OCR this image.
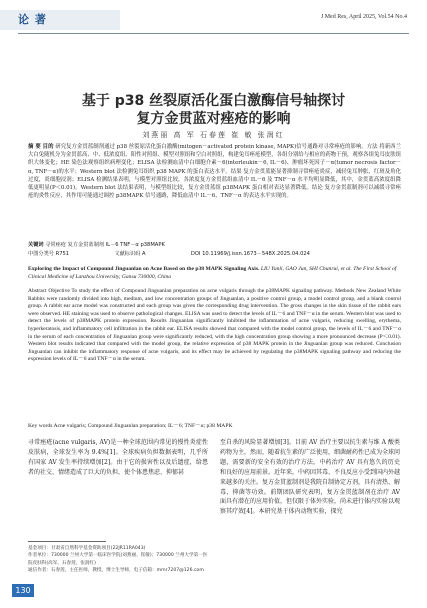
论 著	J Med Res, April 2025, Vol.54 No.4
基于 p38 丝裂原活化蛋白激酶信号轴探讨
复方金贯蓝对痤疮的影响
刘燕丽 高 军 石春莲 崔 敏 张润红
摘 要 目的 研究复方金贯蓝制剂通过 p38 丝裂原活化蛋白激酶(mitogen－activated protein kinase, MAPK)信号通路对寻常痤疮的影响。方法 将新西兰大白兔随机分为金贯蓝高、中、低浓度组、阳性对照组、模型对照组和空白对照组，构建兔耳痤疮模型，各组分别给与相应的药物干预，观察各组兔耳皮肤组织大体变化；HE 染色法观察组织病理变化；ELISA 法检测血清中白细胞介素－6(interleukin－6, IL－6)、肿瘤坏死因子－α(tumor necrosis factor－α, TNF－α)的水平；Western blot 法检测兔耳组织 p38 MAPK 的蛋白表达水平。结果 复方金贯蓝能显著抑制寻常痤疮炎症，减轻兔耳肿胀、红斑及角化过度，炎细胞浸润；ELISA 检测结果表明，与模型对照组比较，各浓度复方金贯蓝组血清中 IL－6 及 TNF－α 水平均明显降低，其中，金贯蓝高浓度组降低更明显(P＜0.01)。Western blot 法结果表明，与模型组比较，复方金贯蓝组 p38MAPK 蛋白相对表达显著降低。结论 复方金贯蓝制剂可以减缓寻常痤疮的炎性反应，其作用可能通过调控 p38MAPK 信号通路，降低血清中 IL－6、TNF－α 的表达水平实现的。
关键词 寻常痤疮 复方金贯蓝制剂 IL－6 TNF－α p38MAPK
中图分类号 R751	文献标识码 A	DOI 10.11969/j.issn.1673－548X.2025.04.024
Exploring the Impact of Compound Jinguanlan on Acne Based on the p38 MAPK Signaling Axis. LIU Yanli, GAO Jun, SHI Chunrui, et al. The First School of Clinical Medicine of Lanzhou University, Gansu 730000, China
Abstract Objective To study the effect of Compound Jinguanlan preparation on acne vulgaris through the p38MAPK signaling pathway. Methods New Zealand White Rabbits were randomly divided into high, medium, and low concentration groups of Jinguanlan, a positive control group, a model control group, and a blank control group. A rabbit ear acne model was constructed and each group was given the corresponding drug intervention. The gross changes in the skin tissue of the rabbit ears were observed. HE staining was used to observe pathological changes. ELISA was used to detect the levels of IL－6 and TNF－α in the serum. Western blot was used to detect the levels of p38MAPK protein expression. Results Jinguanlan significantly inhibited the inflammation of acne vulgaris, reducing swelling, erythema, hyperkeratosis, and inflammatory cell infiltration in the rabbit ear. ELISA results showed that compared with the model control group, the levels of IL－6 and TNF－α in the serum of each concentration of Jinguanlan group were significantly reduced, with the high concentration group showing a more pronounced decrease (P＜0.01). Western blot results indicated that compared with the model group, the relative expression of p38 MAPK protein in the Jinguanlan group was reduced. Conclusion Jinguanlan can inhibit the inflammatory response of acne vulgaris, and its effect may be achieved by regulating the p38MAPK signaling pathway and reducing the expression levels of IL－6 and TNF－α in the serum.
Key words Acne vulgaris; Compound Jinguanlan preparation; IL－6; TNF－α; p38 MAPK
寻常痤疮(acne vulgaris, AV)是一种全球范围内常见的慢性炎症性皮肤病，全球发生率为 9.4%[1]。全球疾病负担数据表明，几乎所有国家 AV 发生率持续增加[2]。由于它的损害性以及后遗症，给患者的社交、情绪造成了巨大的负担，使个体患焦虑、抑郁甚
至自杀的风险显著增加[3]。目前 AV 治疗主要以抗生素与维 A 酸类药物为主，然而，随着抗生素的广泛使用，细菌耐药性已成为全球问题，需要新的安全有效的治疗方法。中药治疗 AV 具有悠久的历史和良好的应用前景。近年来，中药因其毒、不良反应小受到国内外越来越多的关注。复方金贯蓝制剂是我院自制协定方剂，具有清热、解毒、抑菌等功效。前期团队研究表明，复方金贯蓝制剂在治疗 AV 面具有潜在的应用价值，但仅限于体外实验，尚未进行体内实验以观察其疗效[4]。本研究基于体内动物实验，探究
基金项目：甘肃省自然科学基金资助项目(22JR11RA043)
作者单位：730000 兰州大学第一临床医学院(刘燕丽、崔敏)；730000 兰州大学第一医院皮肤科(高军、石春莲、张润红)
通信作者：石春莲，主任医师，教授，博士生导师，电子信箱：mmr7207@126.com
130
